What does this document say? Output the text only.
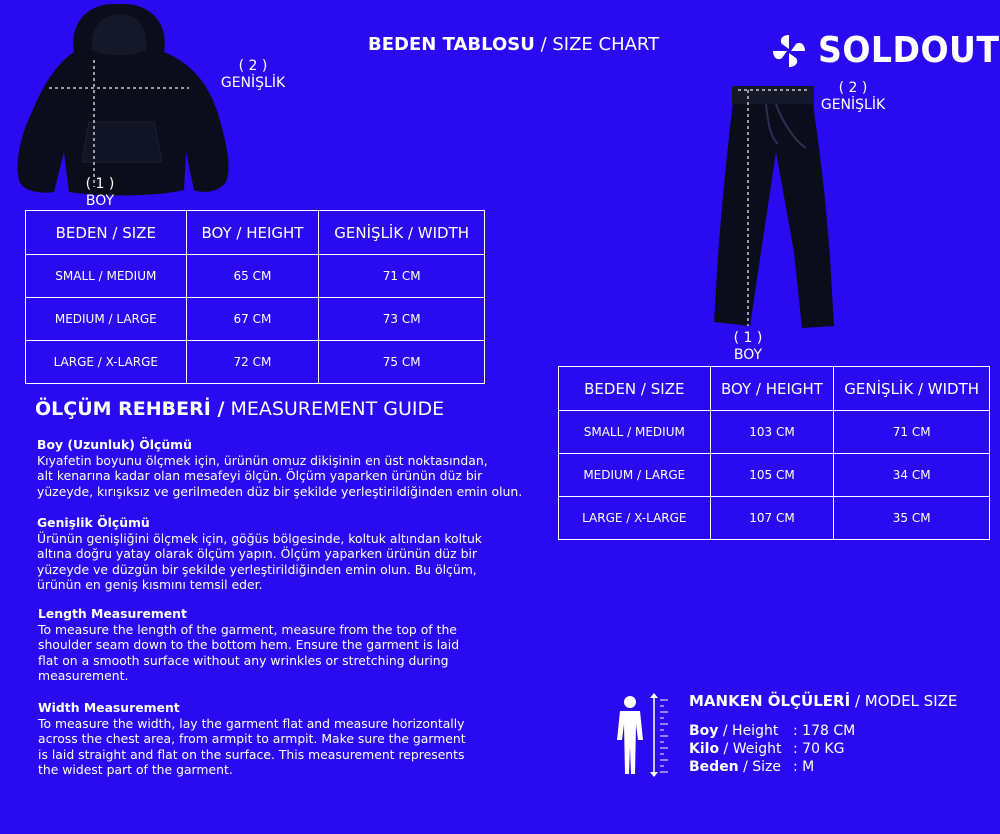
BEDEN TABLOSU / SIZE CHART	SOLDOUT
( 2 )
GENİŞLİK
( 1 )
BOY
BEDEN / SIZE	BOY / HEIGHT	GENİŞLİK / WIDTH
SMALL / MEDIUM	65 CM	71 CM
MEDIUM / LARGE	67 CM	73 CM
LARGE / X-LARGE	72 CM	75 CM
( 2 )
GENİŞLİK
( 1 )
BOY
BEDEN / SIZE	BOY / HEIGHT	GENİŞLİK / WIDTH
SMALL / MEDIUM	103 CM	71 CM
MEDIUM / LARGE	105 CM	34 CM
LARGE / X-LARGE	107 CM	35 CM
ÖLÇÜM REHBERİ / MEASUREMENT GUIDE
Boy (Uzunluk) Ölçümü
Kıyafetin boyunu ölçmek için, ürünün omuz dikişinin en üst noktasından,
alt kenarına kadar olan mesafeyi ölçün. Ölçüm yaparken ürünün düz bir
yüzeyde, kırışıksız ve gerilmeden düz bir şekilde yerleştirildiğinden emin olun.
Genişlik Ölçümü
Ürünün genişliğini ölçmek için, göğüs bölgesinde, koltuk altından koltuk
altına doğru yatay olarak ölçüm yapın. Ölçüm yaparken ürünün düz bir
yüzeyde ve düzgün bir şekilde yerleştirildiğinden emin olun. Bu ölçüm,
ürünün en geniş kısmını temsil eder.
Length Measurement
To measure the length of the garment, measure from the top of the
shoulder seam down to the bottom hem. Ensure the garment is laid
flat on a smooth surface without any wrinkles or stretching during
measurement.
Width Measurement
To measure the width, lay the garment flat and measure horizontally
across the chest area, from armpit to armpit. Make sure the garment
is laid straight and flat on the surface. This measurement represents
the widest part of the garment.
MANKEN ÖLÇÜLERİ / MODEL SIZE
Boy / Height : 178 CM
Kilo / Weight : 70 KG
Beden / Size : M
